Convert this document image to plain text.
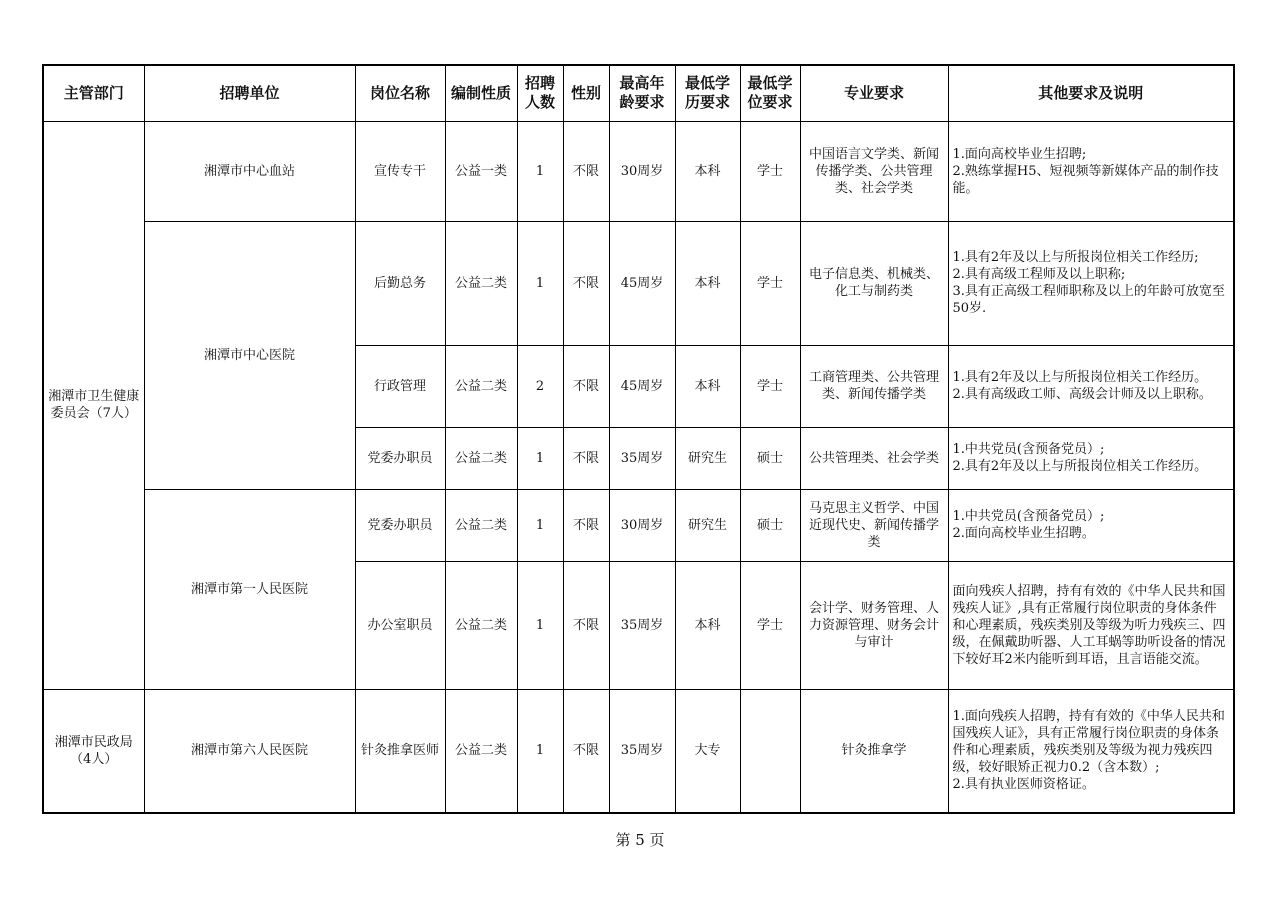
主管部门	招聘单位	岗位名称	编制性质	招聘人数	性别	最高年龄要求	最低学历要求	最低学位要求	专业要求	其他要求及说明
湘潭市卫生健康委员会（7人）	湘潭市中心血站	宣传专干	公益一类	1	不限	30周岁	本科	学士	中国语言文学类、新闻传播学类、公共管理类、社会学类	1.面向高校毕业生招聘;
2.熟练掌握H5、短视频等新媒体产品的制作技能。

	湘潭市中心医院	后勤总务	公益二类	1	不限	45周岁	本科	学士	电子信息类、机械类、化工与制药类	1.具有2年及以上与所报岗位相关工作经历;
2.具有高级工程师及以上职称;
3.具有正高级工程师职称及以上的年龄可放宽至50岁.

		行政管理	公益二类	2	不限	45周岁	本科	学士	工商管理类、公共管理类、新闻传播学类	1.具有2年及以上与所报岗位相关工作经历。
2.具有高级政工师、高级会计师及以上职称。

		党委办职员	公益二类	1	不限	35周岁	研究生	硕士	公共管理类、社会学类	1.中共党员(含预备党员）;
2.具有2年及以上与所报岗位相关工作经历。

	湘潭市第一人民医院	党委办职员	公益二类	1	不限	30周岁	研究生	硕士	马克思主义哲学、中国近现代史、新闻传播学类	1.中共党员(含预备党员）;
2.面向高校毕业生招聘。

		办公室职员	公益二类	1	不限	35周岁	本科	学士	会计学、财务管理、人力资源管理、财务会计与审计	面向残疾人招聘，持有有效的《中华人民共和国残疾人证》,具有正常履行岗位职责的身体条件和心理素质，残疾类别及等级为听力残疾三、四级，在佩戴助听器、人工耳蜗等助听设备的情况下较好耳2米内能听到耳语，且言语能交流。

湘潭市民政局（4人）	湘潭市第六人民医院	针灸推拿医师	公益二类	1	不限	35周岁	大专		针灸推拿学	1.面向残疾人招聘，持有有效的《中华人民共和国残疾人证》，具有正常履行岗位职责的身体条件和心理素质，残疾类别及等级为视力残疾四级，较好眼矫正视力0.2（含本数）;
2.具有执业医师资格证。
第 5 页
